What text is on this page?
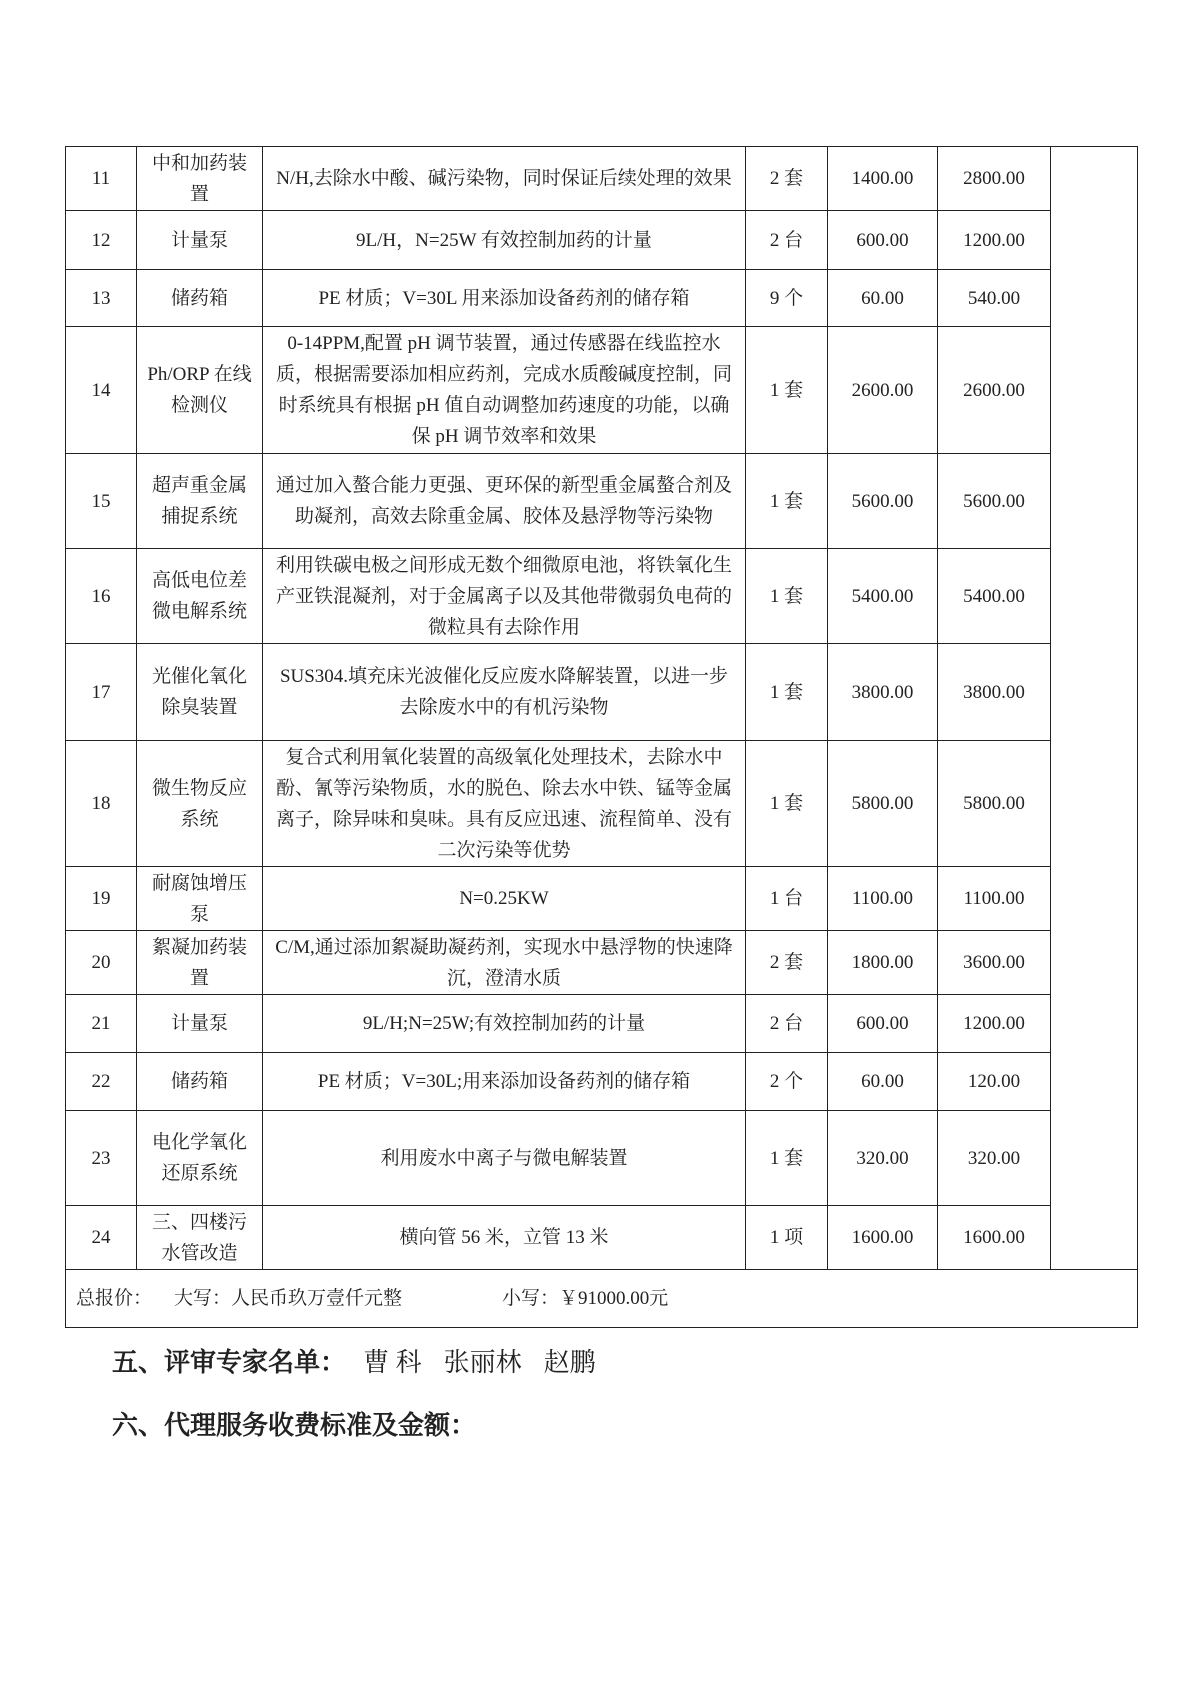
11	中和加药装置	N/H,去除水中酸、碱污染物，同时保证后续处理的效果	2 套	1400.00	2800.00	
12	计量泵	9L/H，N=25W 有效控制加药的计量	2 台	600.00	1200.00	
13	储药箱	PE 材质；V=30L 用来添加设备药剂的储存箱	9 个	60.00	540.00	
14	Ph/ORP 在线检测仪	0-14PPM,配置 pH 调节装置，通过传感器在线监控水质，根据需要添加相应药剂，完成水质酸碱度控制，同时系统具有根据 pH 值自动调整加药速度的功能，以确保 pH 调节效率和效果	1 套	2600.00	2600.00	
15	超声重金属捕捉系统	通过加入螯合能力更强、更环保的新型重金属螯合剂及助凝剂，高效去除重金属、胶体及悬浮物等污染物	1 套	5600.00	5600.00	
16	高低电位差微电解系统	利用铁碳电极之间形成无数个细微原电池，将铁氧化生产亚铁混凝剂，对于金属离子以及其他带微弱负电荷的微粒具有去除作用	1 套	5400.00	5400.00	
17	光催化氧化除臭装置	SUS304.填充床光波催化反应废水降解装置，以进一步去除废水中的有机污染物	1 套	3800.00	3800.00	
18	微生物反应系统	复合式利用氧化装置的高级氧化处理技术，去除水中酚、氰等污染物质，水的脱色、除去水中铁、锰等金属离子，除异味和臭味。具有反应迅速、流程简单、没有二次污染等优势	1 套	5800.00	5800.00	
19	耐腐蚀增压泵	N=0.25KW	1 台	1100.00	1100.00	
20	絮凝加药装置	C/M,通过添加絮凝助凝药剂，实现水中悬浮物的快速降沉，澄清水质	2 套	1800.00	3600.00	
21	计量泵	9L/H;N=25W;有效控制加药的计量	2 台	600.00	1200.00	
22	储药箱	PE 材质；V=30L;用来添加设备药剂的储存箱	2 个	60.00	120.00	
23	电化学氧化还原系统	利用废水中离子与微电解装置	1 套	320.00	320.00	
24	三、四楼污水管改造	横向管 56 米，立管 13 米	1 项	1600.00	1600.00	
总报价： 大写：人民币玖万壹仟元整 小写：￥91000.00元						
五、评审专家名单： 曹 科 张丽林 赵鹏
六、代理服务收费标准及金额：
